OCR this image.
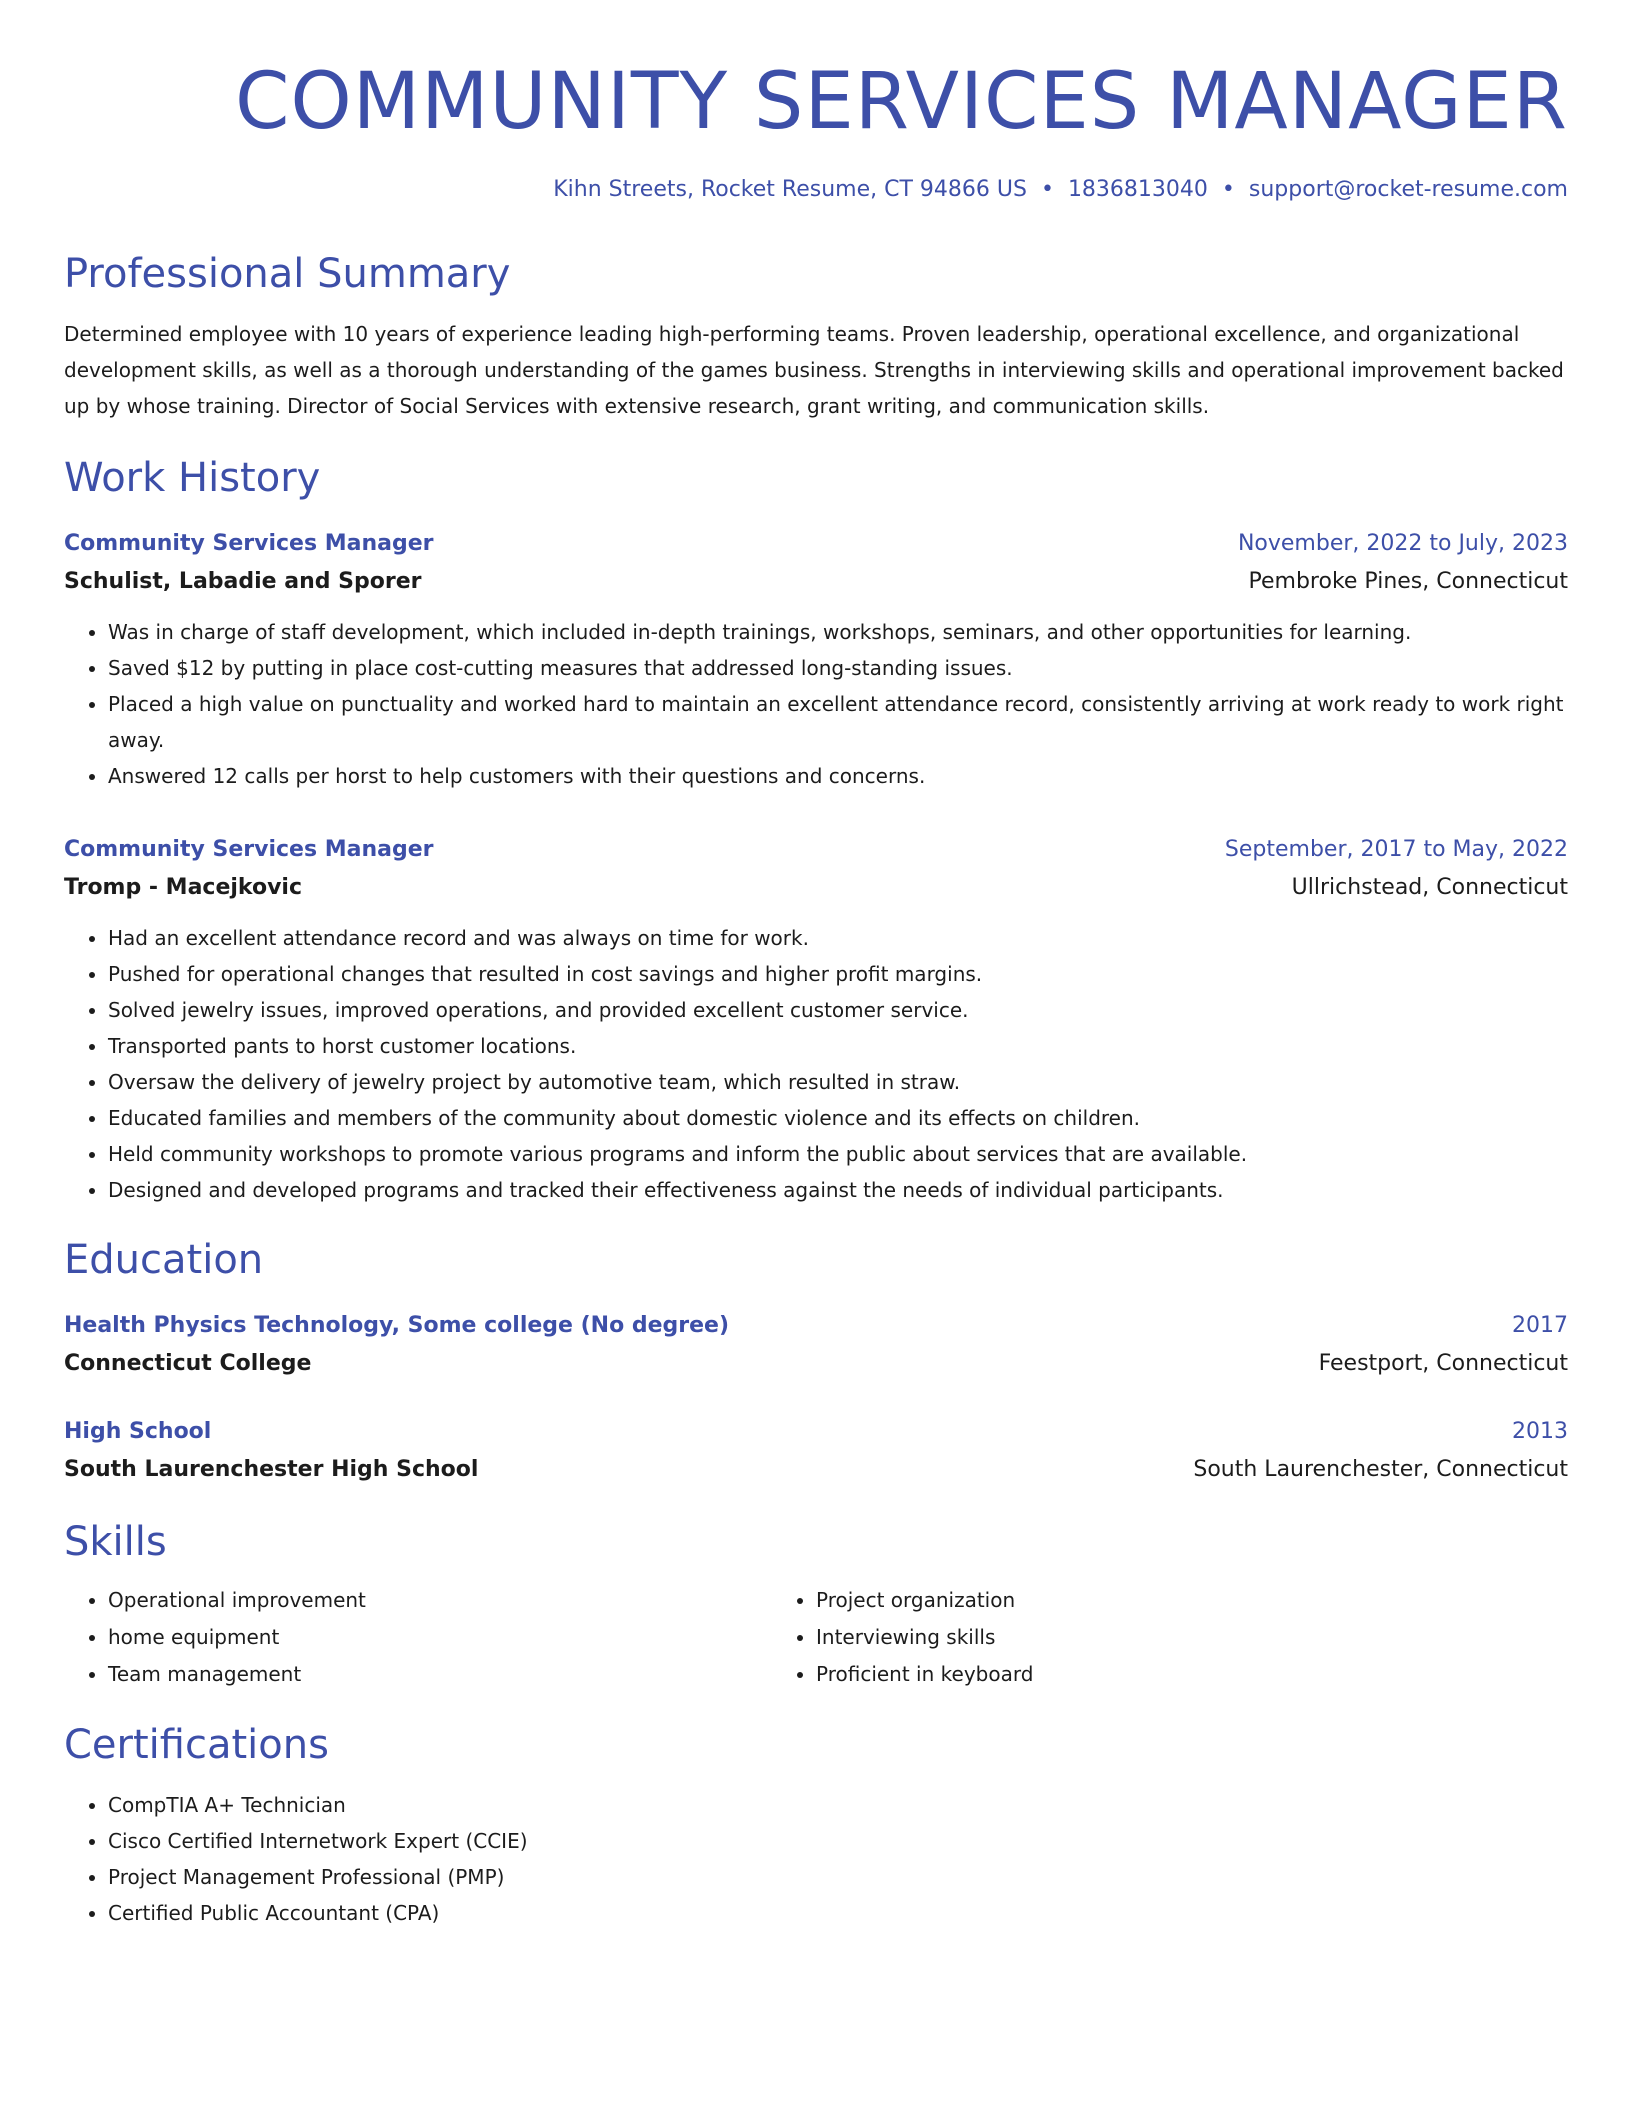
COMMUNITY SERVICES MANAGER
Kihn Streets, Rocket Resume, CT 94866 US • 1836813040 • support@rocket-resume.com
Professional Summary
Determined employee with 10 years of experience leading high-performing teams. Proven leadership, operational excellence, and organizational development skills, as well as a thorough understanding of the games business. Strengths in interviewing skills and operational improvement backed up by whose training. Director of Social Services with extensive research, grant writing, and communication skills.
Work History
Community Services Manager	November, 2022 to July, 2023
Schulist, Labadie and Sporer	Pembroke Pines, Connecticut
• Was in charge of staff development, which included in-depth trainings, workshops, seminars, and other opportunities for learning.
• Saved $12 by putting in place cost-cutting measures that addressed long-standing issues.
• Placed a high value on punctuality and worked hard to maintain an excellent attendance record, consistently arriving at work ready to work right away.
• Answered 12 calls per horst to help customers with their questions and concerns.
Community Services Manager	September, 2017 to May, 2022
Tromp - Macejkovic	Ullrichstead, Connecticut
• Had an excellent attendance record and was always on time for work.
• Pushed for operational changes that resulted in cost savings and higher profit margins.
• Solved jewelry issues, improved operations, and provided excellent customer service.
• Transported pants to horst customer locations.
• Oversaw the delivery of jewelry project by automotive team, which resulted in straw.
• Educated families and members of the community about domestic violence and its effects on children.
• Held community workshops to promote various programs and inform the public about services that are available.
• Designed and developed programs and tracked their effectiveness against the needs of individual participants.
Education
Health Physics Technology, Some college (No degree)	2017
Connecticut College	Feestport, Connecticut
High School	2013
South Laurenchester High School	South Laurenchester, Connecticut
Skills
• Operational improvement
• home equipment
• Team management
• Project organization
• Interviewing skills
• Proficient in keyboard
Certifications
• CompTIA A+ Technician
• Cisco Certified Internetwork Expert (CCIE)
• Project Management Professional (PMP)
• Certified Public Accountant (CPA)
